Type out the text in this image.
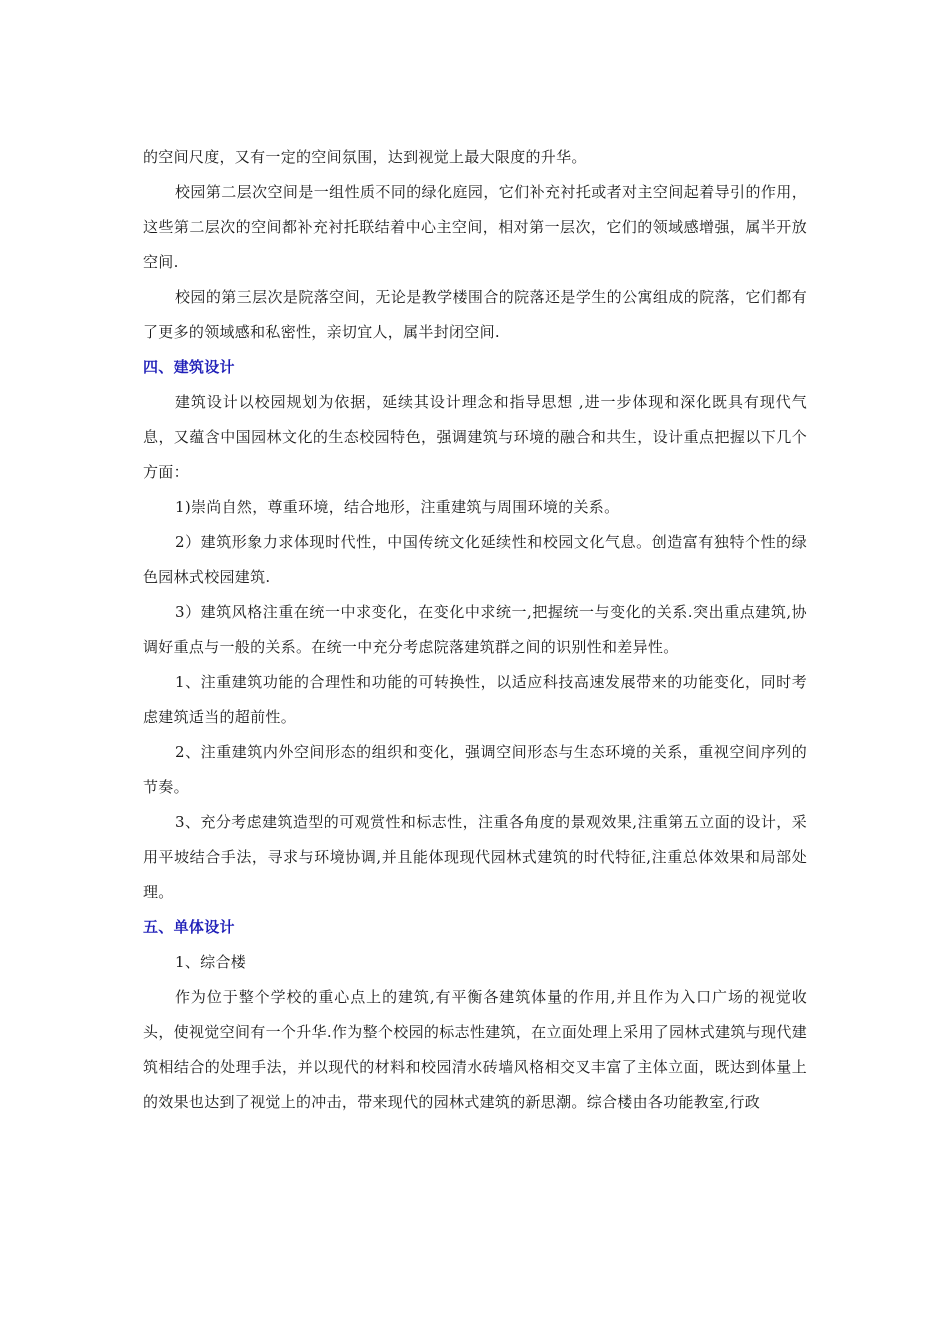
的空间尺度，又有一定的空间氛围，达到视觉上最大限度的升华。

校园第二层次空间是一组性质不同的绿化庭园，它们补充衬托或者对主空间起着导引的作用，这些第二层次的空间都补充衬托联结着中心主空间，相对第一层次，它们的领域感增强，属半开放空间.

校园的第三层次是院落空间，无论是教学楼围合的院落还是学生的公寓组成的院落，它们都有了更多的领域感和私密性，亲切宜人，属半封闭空间.

四、建筑设计

建筑设计以校园规划为依据，延续其设计理念和指导思想 ,进一步体现和深化既具有现代气息，又蕴含中国园林文化的生态校园特色，强调建筑与环境的融合和共生，设计重点把握以下几个方面：

1)崇尚自然，尊重环境，结合地形，注重建筑与周围环境的关系。

2）建筑形象力求体现时代性，中国传统文化延续性和校园文化气息。创造富有独特个性的绿色园林式校园建筑.

3）建筑风格注重在统一中求变化，在变化中求统一,把握统一与变化的关系.突出重点建筑,协调好重点与一般的关系。在统一中充分考虑院落建筑群之间的识别性和差异性。

1、注重建筑功能的合理性和功能的可转换性，以适应科技高速发展带来的功能变化，同时考虑建筑适当的超前性。

2、注重建筑内外空间形态的组织和变化，强调空间形态与生态环境的关系，重视空间序列的节奏。

3、充分考虑建筑造型的可观赏性和标志性，注重各角度的景观效果,注重第五立面的设计，采用平坡结合手法，寻求与环境协调,并且能体现现代园林式建筑的时代特征,注重总体效果和局部处理。

五、单体设计

1、综合楼

作为位于整个学校的重心点上的建筑,有平衡各建筑体量的作用,并且作为入口广场的视觉收头，使视觉空间有一个升华.作为整个校园的标志性建筑，在立面处理上采用了园林式建筑与现代建筑相结合的处理手法，并以现代的材料和校园清水砖墙风格相交叉丰富了主体立面，既达到体量上的效果也达到了视觉上的冲击，带来现代的园林式建筑的新思潮。综合楼由各功能教室,行政
